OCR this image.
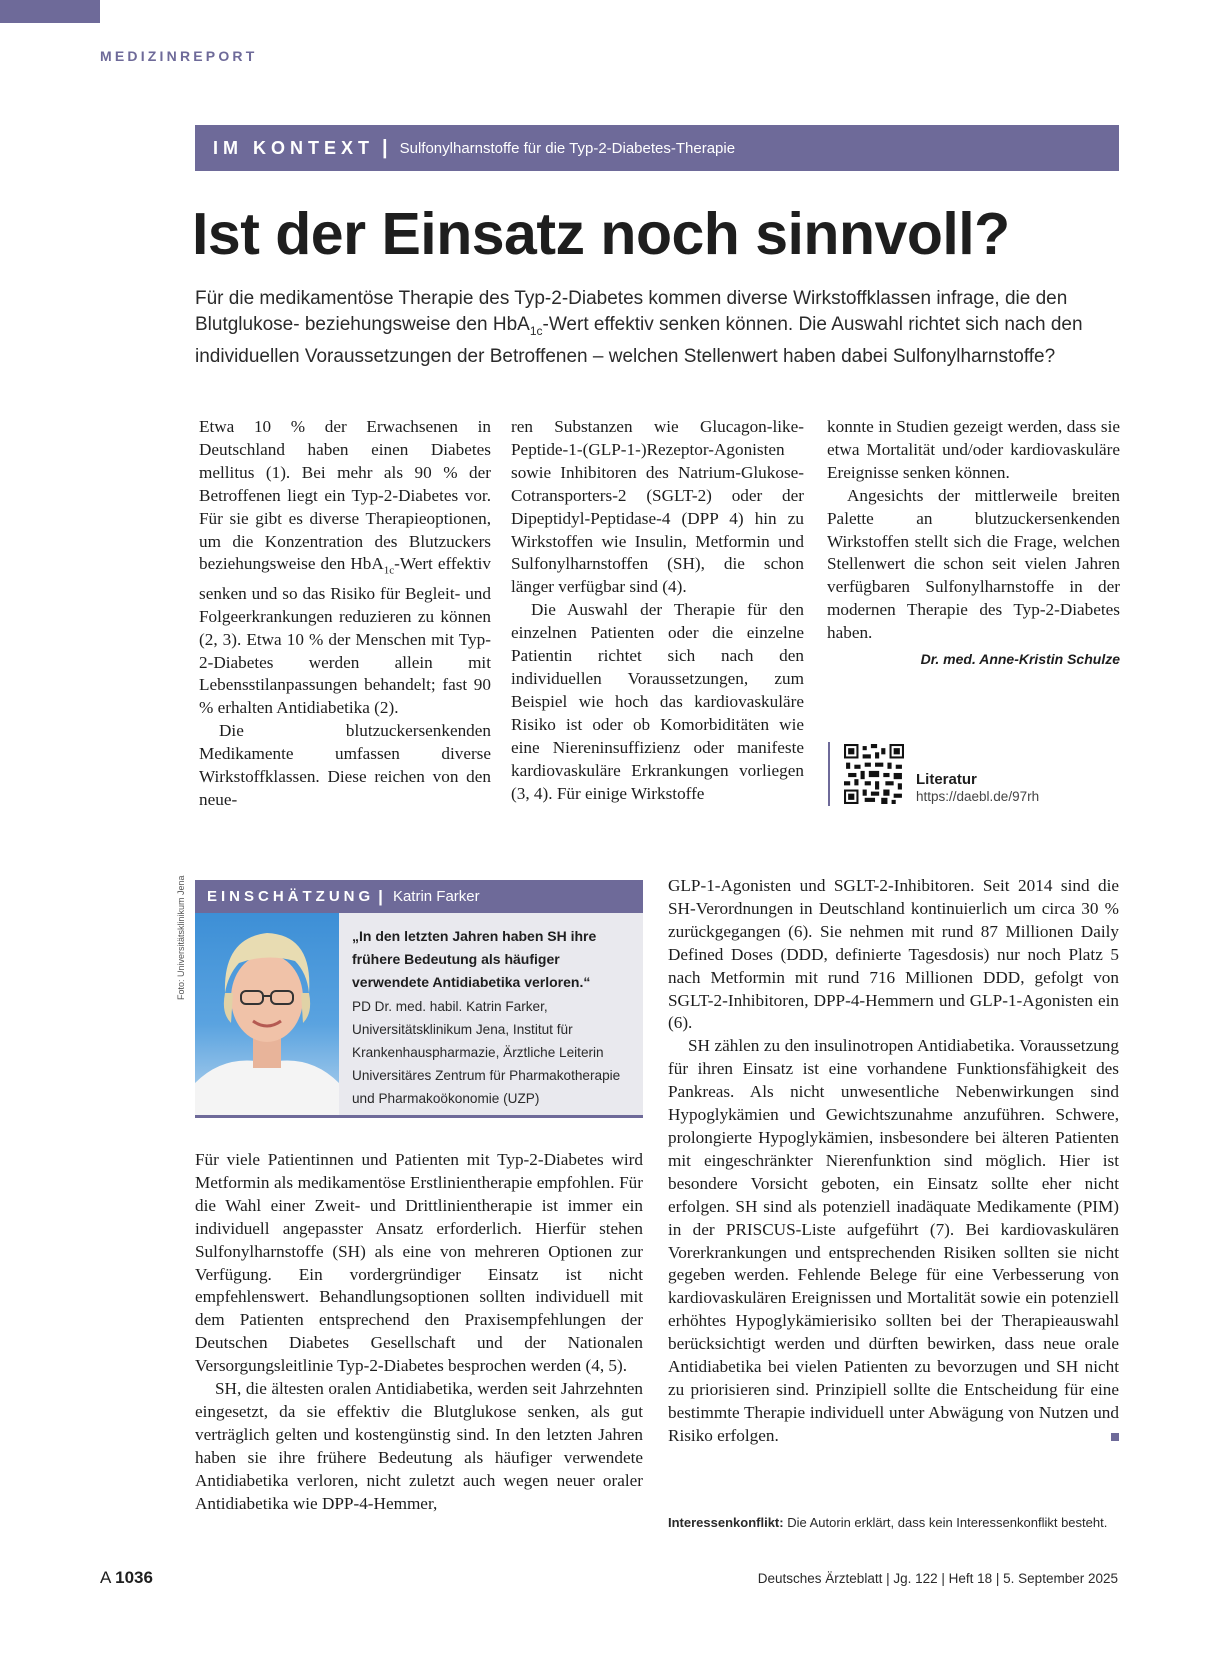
MEDIZINREPORT
IM KONTEXT | Sulfonylharnstoffe für die Typ-2-Diabetes-Therapie
Ist der Einsatz noch sinnvoll?

Für die medikamentöse Therapie des Typ-2-Diabetes kommen diverse Wirkstoffklassen infrage, die den Blutglukose- beziehungsweise den HbA$_{1c}$-Wert effektiv senken können. Die Auswahl richtet sich nach den individuellen Voraussetzungen der Betroffenen – welchen Stellenwert haben dabei Sulfonylharnstoffe?

Etwa 10 % der Erwachsenen in Deutschland haben einen Diabetes mellitus (1). Bei mehr als 90 % der Betroffenen liegt ein Typ-2-Diabetes vor. Für sie gibt es diverse Therapieoptionen, um die Konzentration des Blutzuckers beziehungsweise den HbA$_{1c}$-Wert effektiv senken und so das Risiko für Begleit- und Folgeerkrankungen reduzieren zu können (2, 3). Etwa 10 % der Menschen mit Typ-2-Diabetes werden allein mit Lebensstilanpassungen behandelt; fast 90 % erhalten Antidiabetika (2).

Die blutzuckersenkenden Medikamente umfassen diverse Wirkstoffklassen. Diese reichen von den neue-

ren Substanzen wie Glucagon-like-Peptide-1-(GLP-1-)Rezeptor-Agonisten sowie Inhibitoren des Natrium-Glukose-Cotransporters-2 (SGLT-2) oder der Dipeptidyl-Peptidase-4 (DPP 4) hin zu Wirkstoffen wie Insulin, Metformin und Sulfonylharnstoffen (SH), die schon länger verfügbar sind (4).

Die Auswahl der Therapie für den einzelnen Patienten oder die einzelne Patientin richtet sich nach den individuellen Voraussetzungen, zum Beispiel wie hoch das kardiovaskuläre Risiko ist oder ob Komorbiditäten wie eine Niereninsuffizienz oder manifeste kardiovaskuläre Erkrankungen vorliegen (3, 4). Für einige Wirkstoffe

konnte in Studien gezeigt werden, dass sie etwa Mortalität und/oder kardiovaskuläre Ereignisse senken können.

Angesichts der mittlerweile breiten Palette an blutzuckersenkenden Wirkstoffen stellt sich die Frage, welchen Stellenwert die schon seit vielen Jahren verfügbaren Sulfonylharnstoffe in der modernen Therapie des Typ-2-Diabetes haben.

Dr. med. Anne-Kristin Schulze
Literatur
https://daebl.de/97rh
EINSCHÄTZUNG | Katrin Farker
„In den letzten Jahren haben SH ihre frühere Bedeutung als häufiger verwendete Antidiabetika verloren.“
PD Dr. med. habil. Katrin Farker, Universitätsklinikum Jena, Institut für Krankenhauspharmazie, Ärztliche Leiterin Universitäres Zentrum für Pharmakotherapie und Pharmakoökonomie (UZP)
Foto: Universitätsklinikum Jena

Für viele Patientinnen und Patienten mit Typ-2-Diabetes wird Metformin als medikamentöse Erstlinientherapie empfohlen. Für die Wahl einer Zweit- und Drittlinientherapie ist immer ein individuell angepasster Ansatz erforderlich. Hierfür stehen Sulfonylharnstoffe (SH) als eine von mehreren Optionen zur Verfügung. Ein vordergründiger Einsatz ist nicht empfehlenswert. Behandlungsoptionen sollten individuell mit dem Patienten entsprechend den Praxisempfehlungen der Deutschen Diabetes Gesellschaft und der Nationalen Versorgungsleitlinie Typ-2-Diabetes besprochen werden (4, 5).

SH, die ältesten oralen Antidiabetika, werden seit Jahrzehnten eingesetzt, da sie effektiv die Blutglukose senken, als gut verträglich gelten und kostengünstig sind. In den letzten Jahren haben sie ihre frühere Bedeutung als häufiger verwendete Antidiabetika verloren, nicht zuletzt auch wegen neuer oraler Antidiabetika wie DPP-4-Hemmer,

GLP-1-Agonisten und SGLT-2-Inhibitoren. Seit 2014 sind die SH-Verordnungen in Deutschland kontinuierlich um circa 30 % zurückgegangen (6). Sie nehmen mit rund 87 Millionen Daily Defined Doses (DDD, definierte Tagesdosis) nur noch Platz 5 nach Metformin mit rund 716 Millionen DDD, gefolgt von SGLT-2-Inhibitoren, DPP-4-Hemmern und GLP-1-Agonisten ein (6).

SH zählen zu den insulinotropen Antidiabetika. Voraussetzung für ihren Einsatz ist eine vorhandene Funktionsfähigkeit des Pankreas. Als nicht unwesentliche Nebenwirkungen sind Hypoglykämien und Gewichtszunahme anzuführen. Schwere, prolongierte Hypoglykämien, insbesondere bei älteren Patienten mit eingeschränkter Nierenfunktion sind möglich. Hier ist besondere Vorsicht geboten, ein Einsatz sollte eher nicht erfolgen. SH sind als potenziell inadäquate Medikamente (PIM) in der PRISCUS-Liste aufgeführt (7). Bei kardiovaskulären Vorerkrankungen und entsprechenden Risiken sollten sie nicht gegeben werden. Fehlende Belege für eine Verbesserung von kardiovaskulären Ereignissen und Mortalität sowie ein potenziell erhöhtes Hypoglykämierisiko sollten bei der Therapieauswahl berücksichtigt werden und dürften bewirken, dass neue orale Antidiabetika bei vielen Patienten zu bevorzugen und SH nicht zu priorisieren sind. Prinzipiell sollte die Entscheidung für eine bestimmte Therapie individuell unter Abwägung von Nutzen und Risiko erfolgen.

Interessenkonflikt: Die Autorin erklärt, dass kein Interessenkonflikt besteht.
A 1036	Deutsches Ärzteblatt | Jg. 122 | Heft 18 | 5. September 2025
